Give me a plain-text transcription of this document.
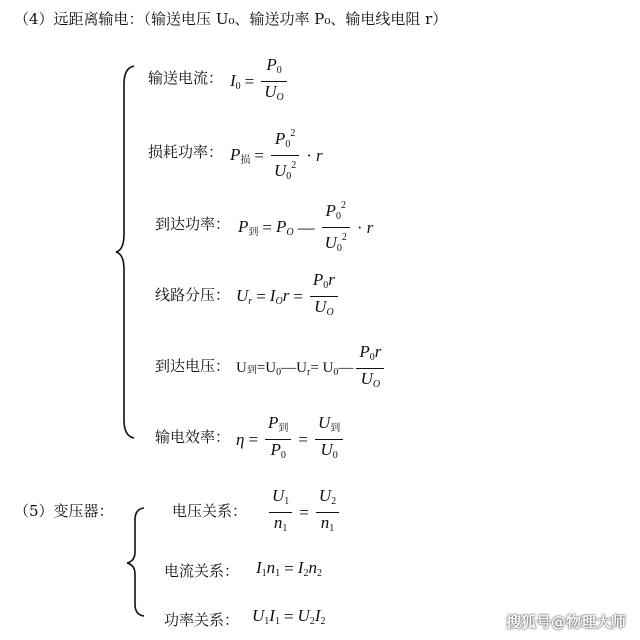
（4）远距离输电：（输送电压 U₀、输送功率 P₀、输电线电阻 r）
输送电流： $I_0 = \frac{P_0}{U_O}$
损耗功率： P损 = $\frac{P_0^2}{U_0^2} \cdot r$
到达功率： P到 = $P_O$ — $\frac{P_0^2}{U_0^2} \cdot r$
线路分压： $U_r = I_Or = \frac{P_0r}{U_O}$
到达电压： U 到 $=U_0—U_r=$ $U_0— \frac{P_0r}{U_O}$
输电效率： $\eta = \frac{\text{P到}}{P_0} = \frac{\text{U到}}{U_0}$
（5）变压器：	电压关系： $\frac{U_1}{n_1} = \frac{U_2}{n_1}$
电流关系： $I_1n_1 = I_2n_2$
功率关系： $U_1I_1 = U_2I_2$	搜狐号@物理大师
